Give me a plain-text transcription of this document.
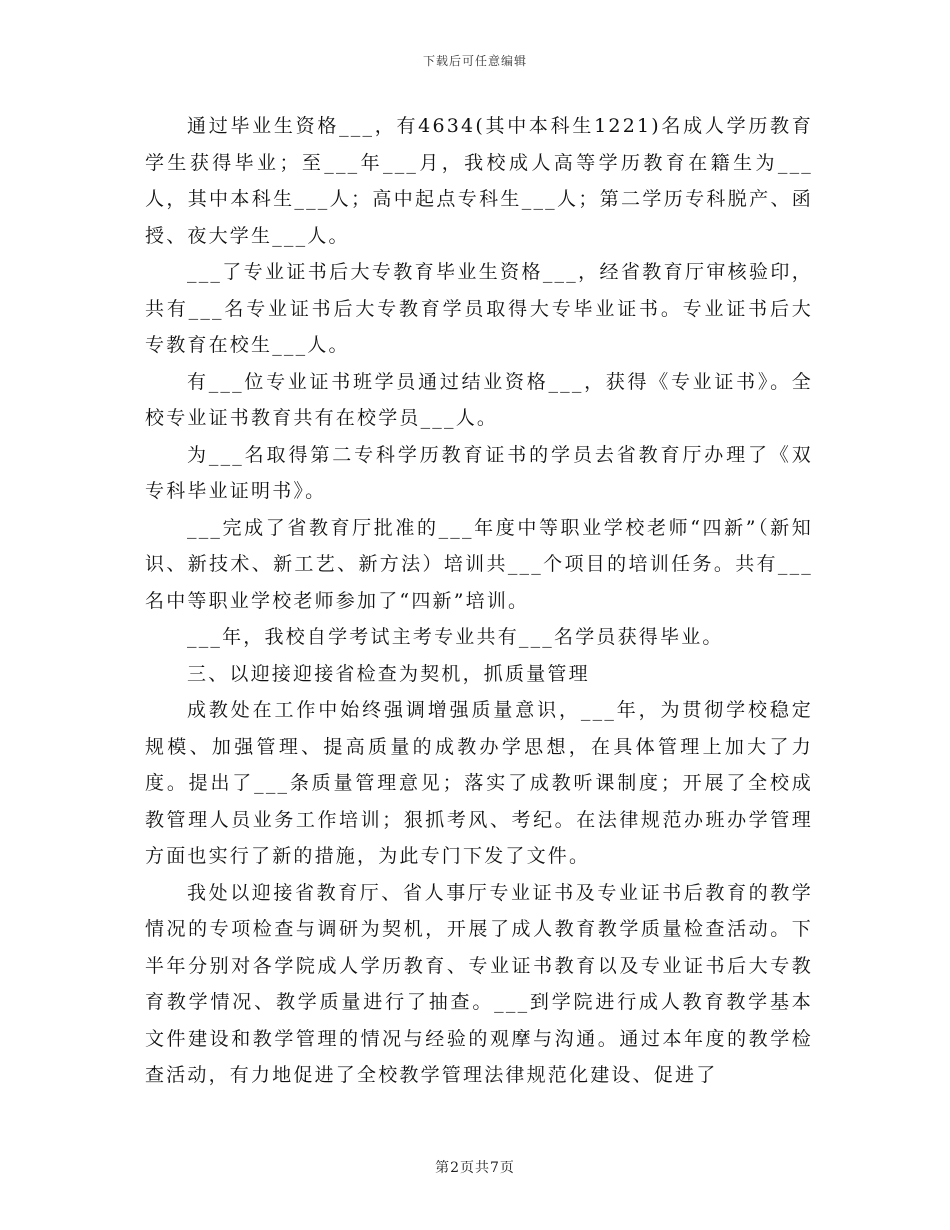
下载后可任意编辑

通过毕业生资格___，有4634(其中本科生1221)名成人学历教育学生获得毕业；至___年___月，我校成人高等学历教育在籍生为___人，其中本科生___人；高中起点专科生___人；第二学历专科脱产、函授、夜大学生___人。

___了专业证书后大专教育毕业生资格___，经省教育厅审核验印，共有___名专业证书后大专教育学员取得大专毕业证书。专业证书后大专教育在校生___人。

有___位专业证书班学员通过结业资格___，获得《专业证书》。全校专业证书教育共有在校学员___人。

为___名取得第二专科学历教育证书的学员去省教育厅办理了《双专科毕业证明书》。

___完成了省教育厅批准的___年度中等职业学校老师“四新”（新知识、新技术、新工艺、新方法）培训共___个项目的培训任务。共有___名中等职业学校老师参加了“四新”培训。

___年，我校自学考试主考专业共有___名学员获得毕业。

三、以迎接迎接省检查为契机，抓质量管理

成教处在工作中始终强调增强质量意识，___年，为贯彻学校稳定规模、加强管理、提高质量的成教办学思想，在具体管理上加大了力度。提出了___条质量管理意见；落实了成教听课制度；开展了全校成教管理人员业务工作培训；狠抓考风、考纪。在法律规范办班办学管理方面也实行了新的措施，为此专门下发了文件。

我处以迎接省教育厅、省人事厅专业证书及专业证书后教育的教学情况的专项检查与调研为契机，开展了成人教育教学质量检查活动。下半年分别对各学院成人学历教育、专业证书教育以及专业证书后大专教育教学情况、教学质量进行了抽查。___到学院进行成人教育教学基本文件建设和教学管理的情况与经验的观摩与沟通。通过本年度的教学检查活动，有力地促进了全校教学管理法律规范化建设、促进了

第2页共7页
